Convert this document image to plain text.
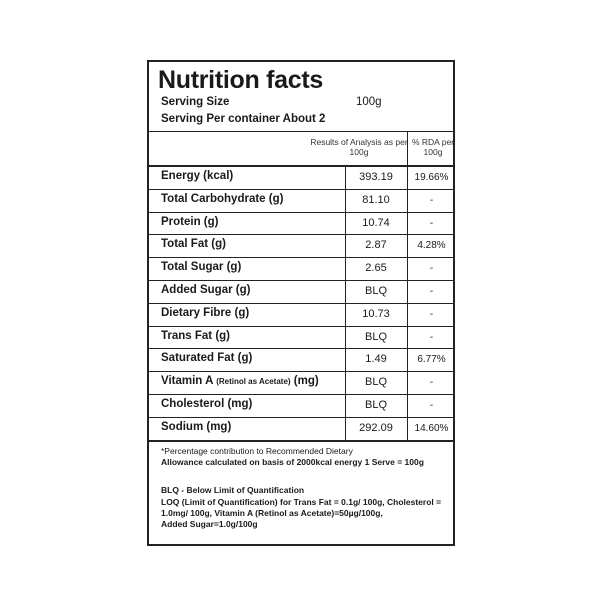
Nutrition facts
Serving Size	100g
Serving Per container About 2
Results of Analysis as per 100g
% RDA per 100g
Energy (kcal)	393.19	19.66%
Total Carbohydrate (g)	81.10	-
Protein (g)	10.74	-
Total Fat (g)	2.87	4.28%
Total Sugar (g)	2.65	-
Added Sugar (g)	BLQ	-
Dietary Fibre (g)	10.73	-
Trans Fat (g)	BLQ	-
Saturated Fat (g)	1.49	6.77%
Vitamin A (Retinol as Acetate) (mg)	BLQ	-
Cholesterol (mg)	BLQ	-
Sodium (mg)	292.09	14.60%
*Percentage contribution to Recommended Dietary
Allowance calculated on basis of 2000kcal energy 1 Serve = 100g
BLQ - Below Limit of Quantification
LOQ (Limit of Quantification) for Trans Fat = 0.1g/ 100g, Cholesterol =
1.0mg/ 100g, Vitamin A (Retinol as Acetate)=50µg/100g,
Added Sugar=1.0g/100g
